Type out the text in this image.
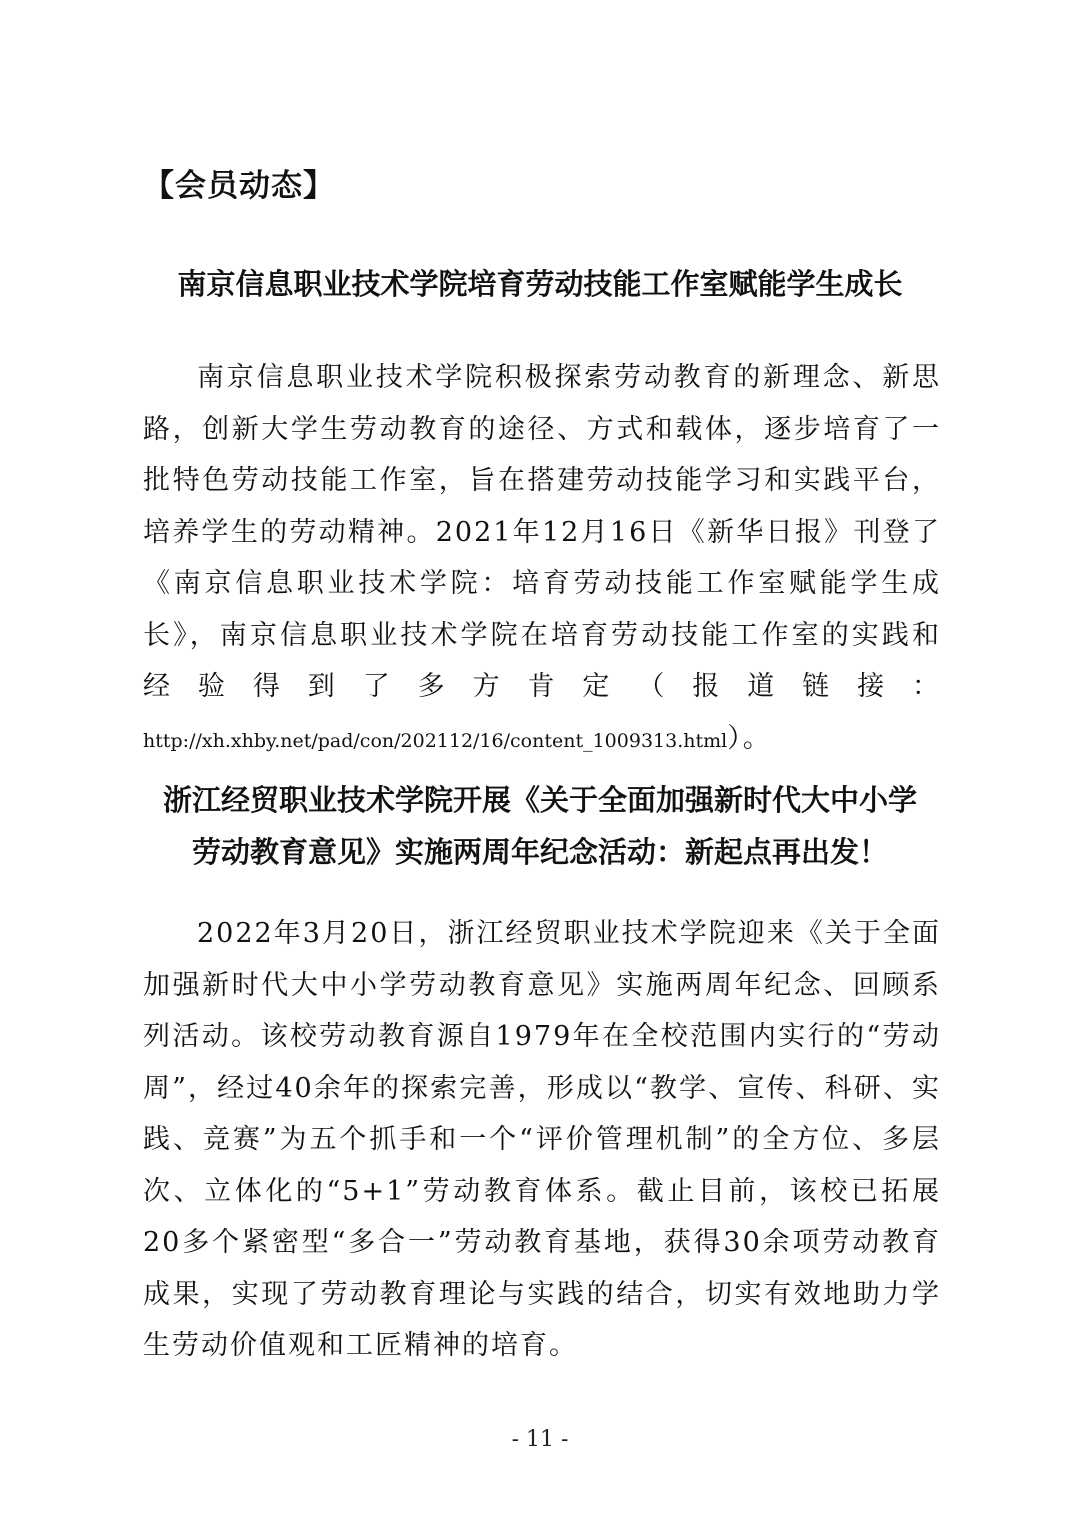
【会员动态】
南京信息职业技术学院培育劳动技能工作室赋能学生成长

南京信息职业技术学院积极探索劳动教育的新理念、新思路，创新大学生劳动教育的途径、方式和载体，逐步培育了一批特色劳动技能工作室，旨在搭建劳动技能学习和实践平台，培养学生的劳动精神。2021年12月16日《新华日报》刊登了《南京信息职业技术学院：培育劳动技能工作室赋能学生成长》，南京信息职业技术学院在培育劳动技能工作室的实践和经验得到了多方肯定（报道链接：http://xh.xhby.net/pad/con/202112/16/content_1009313.html）。

浙江经贸职业技术学院开展《关于全面加强新时代大中小学
劳动教育意见》实施两周年纪念活动：新起点再出发！

2022年3月20日，浙江经贸职业技术学院迎来《关于全面加强新时代大中小学劳动教育意见》实施两周年纪念、回顾系列活动。该校劳动教育源自1979年在全校范围内实行的“劳动周”，经过40余年的探索完善，形成以“教学、宣传、科研、实践、竞赛”为五个抓手和一个“评价管理机制”的全方位、多层次、立体化的“5+1”劳动教育体系。截止目前，该校已拓展20多个紧密型“多合一”劳动教育基地，获得30余项劳动教育成果，实现了劳动教育理论与实践的结合，切实有效地助力学生劳动价值观和工匠精神的培育。

- 11 -
